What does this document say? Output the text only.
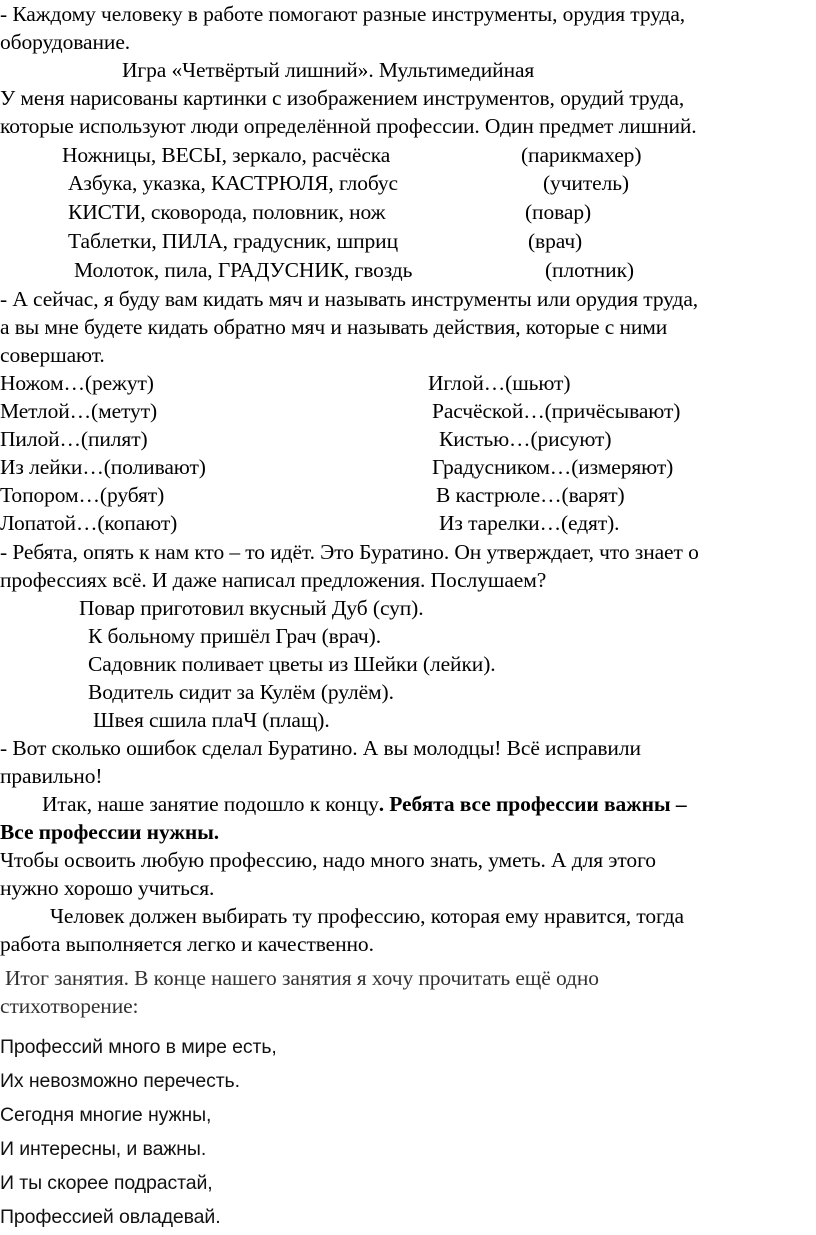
- Каждому человеку в работе помогают разные инструменты, орудия труда,
оборудование.
Игра «Четвёртый лишний». Мультимедийная
У меня нарисованы картинки с изображением инструментов, орудий труда,
которые используют люди определённой профессии. Один предмет лишний.
Ножницы, ВЕСЫ, зеркало, расчёска	(парикмахер)
Азбука, указка, КАСТРЮЛЯ, глобус	(учитель)
КИСТИ, сковорода, половник, нож	(повар)
Таблетки, ПИЛА, градусник, шприц	(врач)
Молоток, пила, ГРАДУСНИК, гвоздь	(плотник)
- А сейчас, я буду вам кидать мяч и называть инструменты или орудия труда,
а вы мне будете кидать обратно мяч и называть действия, которые с ними
совершают.
Ножом…(режут)	Иглой…(шьют)
Метлой…(метут)	Расчёской…(причёсывают)
Пилой…(пилят)	Кистью…(рисуют)
Из лейки…(поливают)	Градусником…(измеряют)
Топором…(рубят)	В кастрюле…(варят)
Лопатой…(копают)	Из тарелки…(едят).
- Ребята, опять к нам кто – то идёт. Это Буратино. Он утверждает, что знает о
профессиях всё. И даже написал предложения. Послушаем?
Повар приготовил вкусный Дуб (суп).
К больному пришёл Грач (врач).
Садовник поливает цветы из Шейки (лейки).
Водитель сидит за Кулём (рулём).
Швея сшила плаЧ (плащ).
- Вот сколько ошибок сделал Буратино. А вы молодцы! Всё исправили
правильно!
Итак, наше занятие подошло к концу. Ребята все профессии важны –
Все профессии нужны.
Чтобы освоить любую профессию, надо много знать, уметь. А для этого
нужно хорошо учиться.
Человек должен выбирать ту профессию, которая ему нравится, тогда
работа выполняется легко и качественно.
Итог занятия. В конце нашего занятия я хочу прочитать ещё одно
стихотворение:
Профессий много в мире есть,
Их невозможно перечесть.
Сегодня многие нужны,
И интересны, и важны.
И ты скорее подрастай,
Профессией овладевай.
